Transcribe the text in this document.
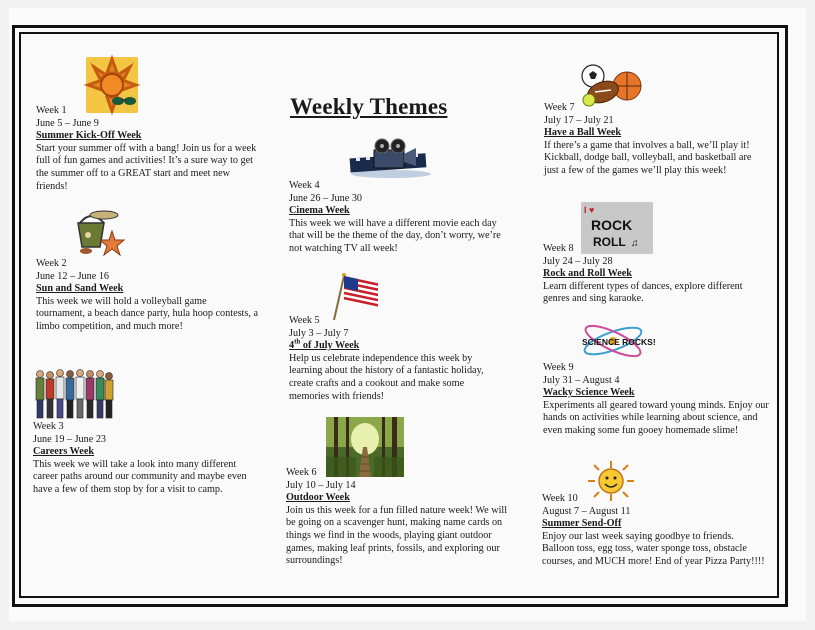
Weekly Themes
I ♥
ROCK
ROLL ♫
SCIENCE ROCKS!
Week 1
June 5 – June 9
Summer Kick-Off Week

Start your summer off with a bang! Join us for a week full of fun games and activities! It’s a sure way to get the summer off to a GREAT start and meet new friends!

Week 2
June 12 – June 16
Sun and Sand Week

This week we will hold a volleyball game tournament, a beach dance party, hula hoop contests, a limbo competition, and much more!

Week 3
June 19 – June 23
Careers Week

This week we will take a look into many different career paths around our community and maybe even have a few of them stop by for a visit to camp.

Week 4
June 26 – June 30
Cinema Week

This week we will have a different movie each day that will be the theme of the day, don’t worry, we’re not watching TV all week!

Week 5
July 3 – July 7
4th of July Week

Help us celebrate independence this week by learning about the history of a fantastic holiday, create crafts and a cookout and make some memories with friends!

Week 6
July 10 – July 14
Outdoor Week

Join us this week for a fun filled nature week! We will be going on a scavenger hunt, making name cards on things we find in the woods, playing giant outdoor games, making leaf prints, fossils, and exploring our surroundings!

Week 7
July 17 – July 21
Have a Ball Week

If there’s a game that involves a ball, we’ll play it! Kickball, dodge ball, volleyball, and basketball are just a few of the games we’ll play this week!

Week 8
July 24 – July 28
Rock and Roll Week

Learn different types of dances, explore different genres and sing karaoke.

Week 9
July 31 – August 4
Wacky Science Week

Experiments all geared toward young minds. Enjoy our hands on activities while learning about science, and even making some fun gooey homemade slime!

Week 10
August 7 – August 11
Summer Send-Off

Enjoy our last week saying goodbye to friends. Balloon toss, egg toss, water sponge toss, obstacle courses, and MUCH more! End of year Pizza Party!!!!
